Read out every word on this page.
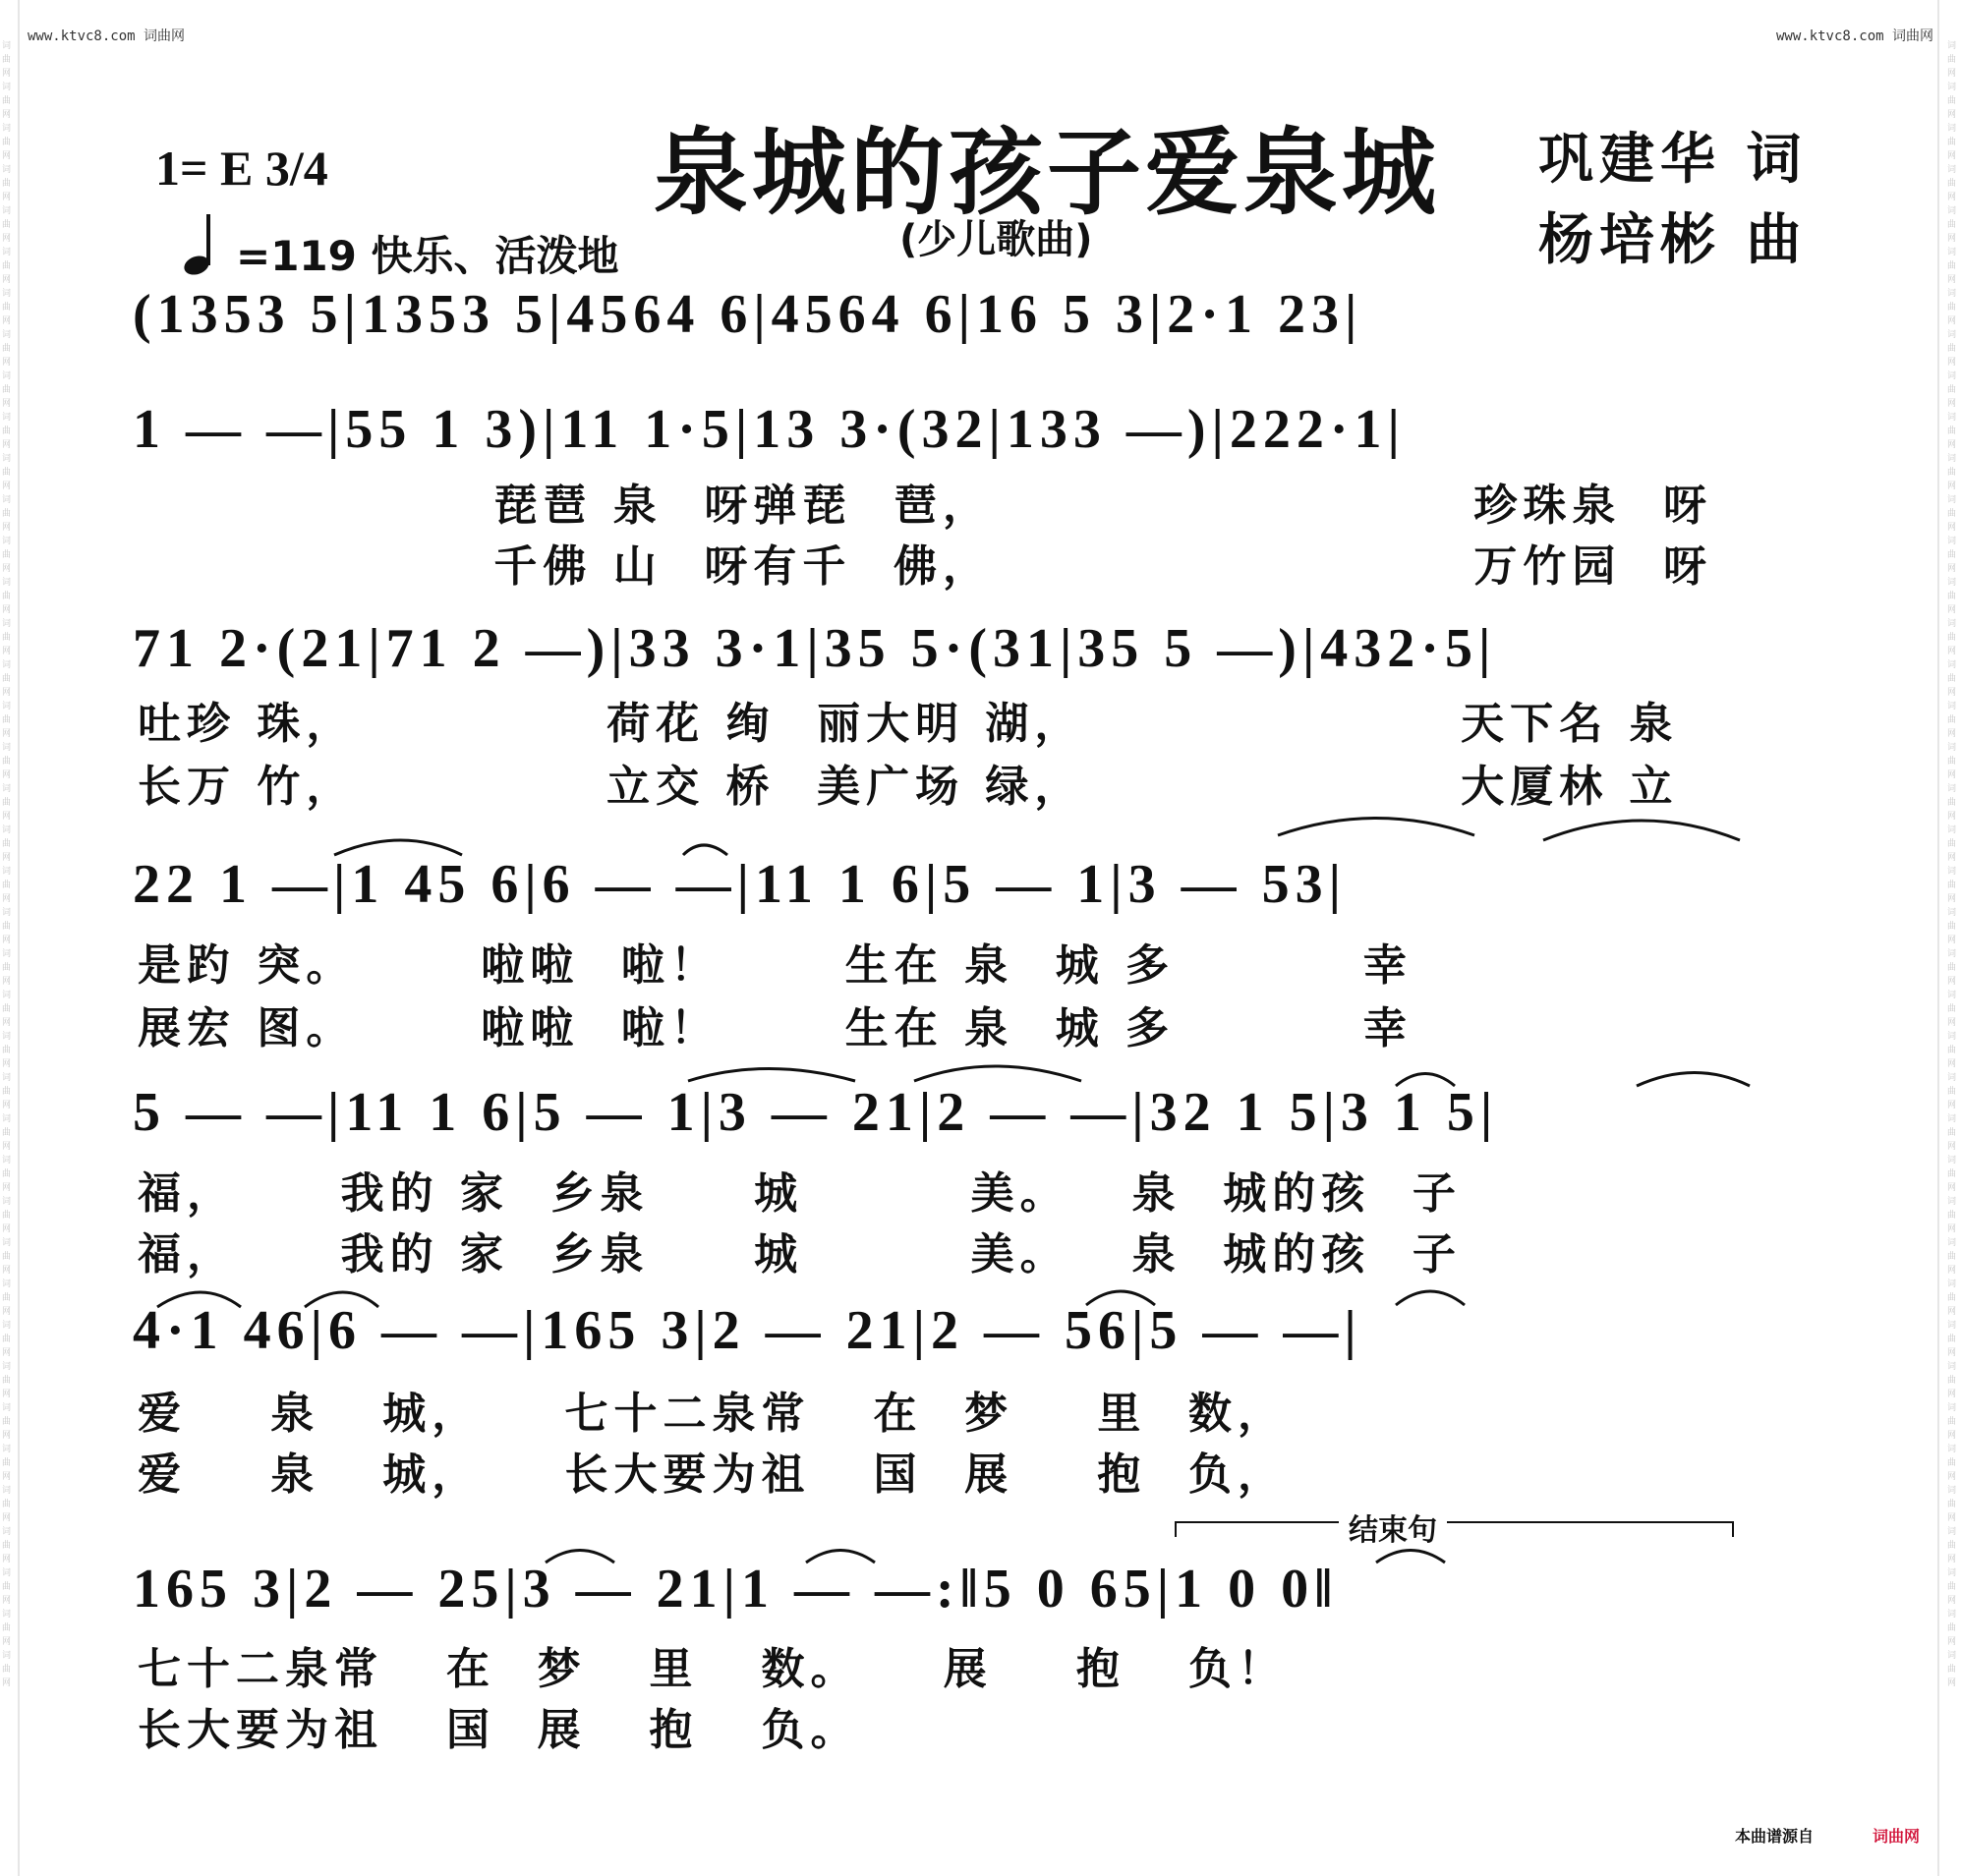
词曲网词曲网词曲网词曲网词曲网词曲网词曲网词曲网词曲网词曲网词曲网词曲网词曲网词曲网词曲网词曲网词曲网词曲网词曲网词曲网词曲网词曲网词曲网词曲网词曲网词曲网词曲网词曲网词曲网词曲网词曲网词曲网词曲网词曲网词曲网词曲网词曲网词曲网词曲网词曲网
词曲网词曲网词曲网词曲网词曲网词曲网词曲网词曲网词曲网词曲网词曲网词曲网词曲网词曲网词曲网词曲网词曲网词曲网词曲网词曲网词曲网词曲网词曲网词曲网词曲网词曲网词曲网词曲网词曲网词曲网词曲网词曲网词曲网词曲网词曲网词曲网词曲网词曲网词曲网词曲网
www.ktvc8.com 词曲网	www.ktvc8.com 词曲网
1= E 3/4	泉城的孩子爱泉城
(少儿歌曲)
巩建华 词
杨培彬 曲
=119 快乐、活泼地
(1353 5|1353 5|4564 6|4564 6|16 5 3|2·1 23|
1 — —|55 1 3)|11 1·5|13 3·(32|133 —)|222·1|
琵琶 泉  呀弹琵  琶，                       珍珠泉  呀
千佛 山  呀有千  佛，                       万竹园  呀
71 2·(21|71 2 —)|33 3·1|35 5·(31|35 5 —)|432·5|
吐珍 珠，            荷花 绚  丽大明 湖，                  天下名 泉
长万 竹，            立交 桥  美广场 绿，                  大厦林 立
22 1 —|1 45 6|6 — —|11 1 6|5 — 1|3 — 53|
是趵 突。      啦啦  啦！      生在 泉  城 多         幸
展宏 图。      啦啦  啦！      生在 泉  城 多         幸
5 — —|11 1 6|5 — 1|3 — 21|2 — —|32 1 5|3 1 5|
福，     我的 家  乡泉     城        美。   泉  城的孩  子
福，     我的 家  乡泉     城        美。   泉  城的孩  子
4·1 46|6 — —|165 3|2 — 21|2 — 56|5 — —|
爱    泉   城，    七十二泉常   在  梦    里  数，
爱    泉   城，    长大要为祖   国  展    抱  负，
结束句
165 3|2 — 25|3 — 21|1 — —:‖5 0 65|1 0 0‖
七十二泉常   在  梦   里   数。    展    抱   负！
长大要为祖   国  展   抱   负。
本曲谱源自	词曲网
